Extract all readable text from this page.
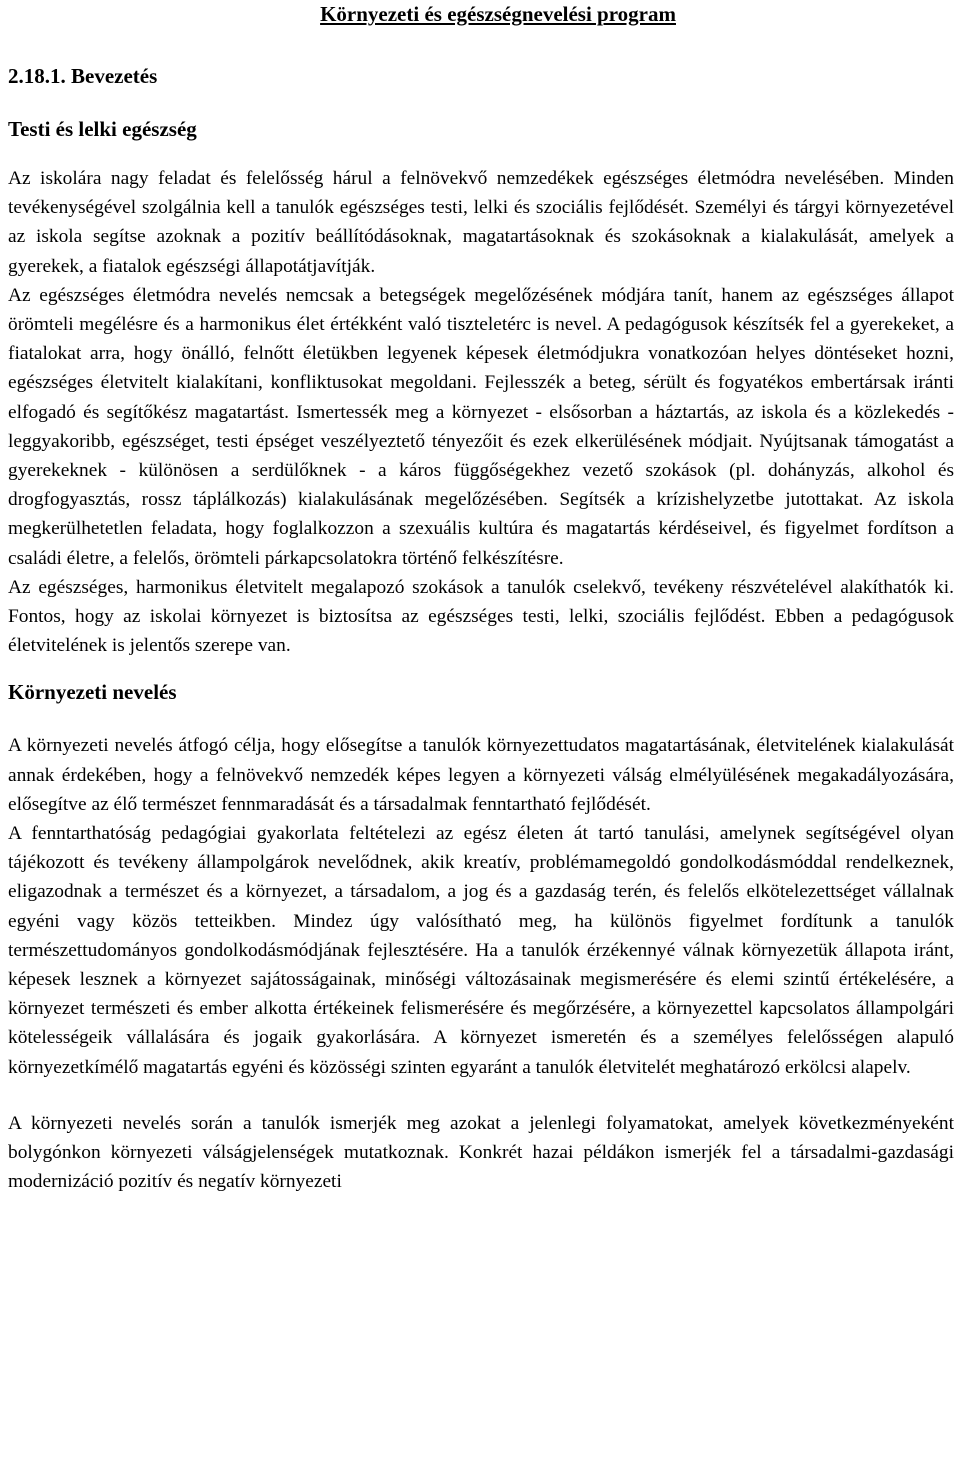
Környezeti és egészségnevelési program
2.18.1. Bevezetés
Testi és lelki egészség

Az iskolára nagy feladat és felelősség hárul a felnövekvő nemzedékek egészséges életmódra nevelésében. Minden tevékenységével szolgálnia kell a tanulók egészséges testi, lelki és szociális fejlődését. Személyi és tárgyi környezetével az iskola segítse azoknak a pozitív beállítódásoknak, magatartásoknak és szokásoknak a kialakulását, amelyek a gyerekek, a fiatalok egészségi állapotátjavítják.

Az egészséges életmódra nevelés nemcsak a betegségek megelőzésének módjára tanít, hanem az egészséges állapot örömteli megélésre és a harmonikus élet értékként való tiszteletérc is nevel. A pedagógusok készítsék fel a gyerekeket, a fiatalokat arra, hogy önálló, felnőtt életükben legyenek képesek életmódjukra vonatkozóan helyes döntéseket hozni, egészséges életvitelt kialakítani, konfliktusokat megoldani. Fejlesszék a beteg, sérült és fogyatékos embertársak iránti elfogadó és segítőkész magatartást. Ismertessék meg a környezet - elsősorban a háztartás, az iskola és a közlekedés - leggyakoribb, egészséget, testi épséget veszélyeztető tényezőit és ezek elkerülésének módjait. Nyújtsanak támogatást a gyerekeknek - különösen a serdülőknek - a káros függőségekhez vezető szokások (pl. dohányzás, alkohol és drogfogyasztás, rossz táplálkozás) kialakulásának megelőzésében. Segítsék a krízishelyzetbe jutottakat. Az iskola megkerülhetetlen feladata, hogy foglalkozzon a szexuális kultúra és magatartás kérdéseivel, és figyelmet fordítson a családi életre, a felelős, örömteli párkapcsolatokra történő felkészítésre.

Az egészséges, harmonikus életvitelt megalapozó szokások a tanulók cselekvő, tevékeny részvételével alakíthatók ki. Fontos, hogy az iskolai környezet is biztosítsa az egészséges testi, lelki, szociális fejlődést. Ebben a pedagógusok életvitelének is jelentős szerepe van.

Környezeti nevelés

A környezeti nevelés átfogó célja, hogy elősegítse a tanulók környezettudatos magatartásának, életvitelének kialakulását annak érdekében, hogy a felnövekvő nemzedék képes legyen a környezeti válság elmélyülésének megakadályozására, elősegítve az élő természet fennmaradását és a társadalmak fenntartható fejlődését.

A fenntarthatóság pedagógiai gyakorlata feltételezi az egész életen át tartó tanulási, amelynek segítségével olyan tájékozott és tevékeny állampolgárok nevelődnek, akik kreatív, problémamegoldó gondolkodásmóddal rendelkeznek, eligazodnak a természet és a környezet, a társadalom, a jog és a gazdaság terén, és felelős elkötelezettséget vállalnak egyéni vagy közös tetteikben. Mindez úgy valósítható meg, ha különös figyelmet fordítunk a tanulók természettudományos gondolkodásmódjának fejlesztésére. Ha a tanulók érzékennyé válnak környezetük állapota iránt, képesek lesznek a környezet sajátosságainak, minőségi változásainak megismerésére és elemi szintű értékelésére, a környezet természeti és ember alkotta értékeinek felismerésére és megőrzésére, a környezettel kapcsolatos állampolgári kötelességeik vállalására és jogaik gyakorlására. A környezet ismeretén és a személyes felelősségen alapuló környezetkímélő magatartás egyéni és közösségi szinten egyaránt a tanulók életvitelét meghatározó erkölcsi alapelv.

A környezeti nevelés során a tanulók ismerjék meg azokat a jelenlegi folyamatokat, amelyek következményeként bolygónkon környezeti válságjelenségek mutatkoznak. Konkrét hazai példákon ismerjék fel a társadalmi-gazdasági modernizáció pozitív és negatív környezeti
